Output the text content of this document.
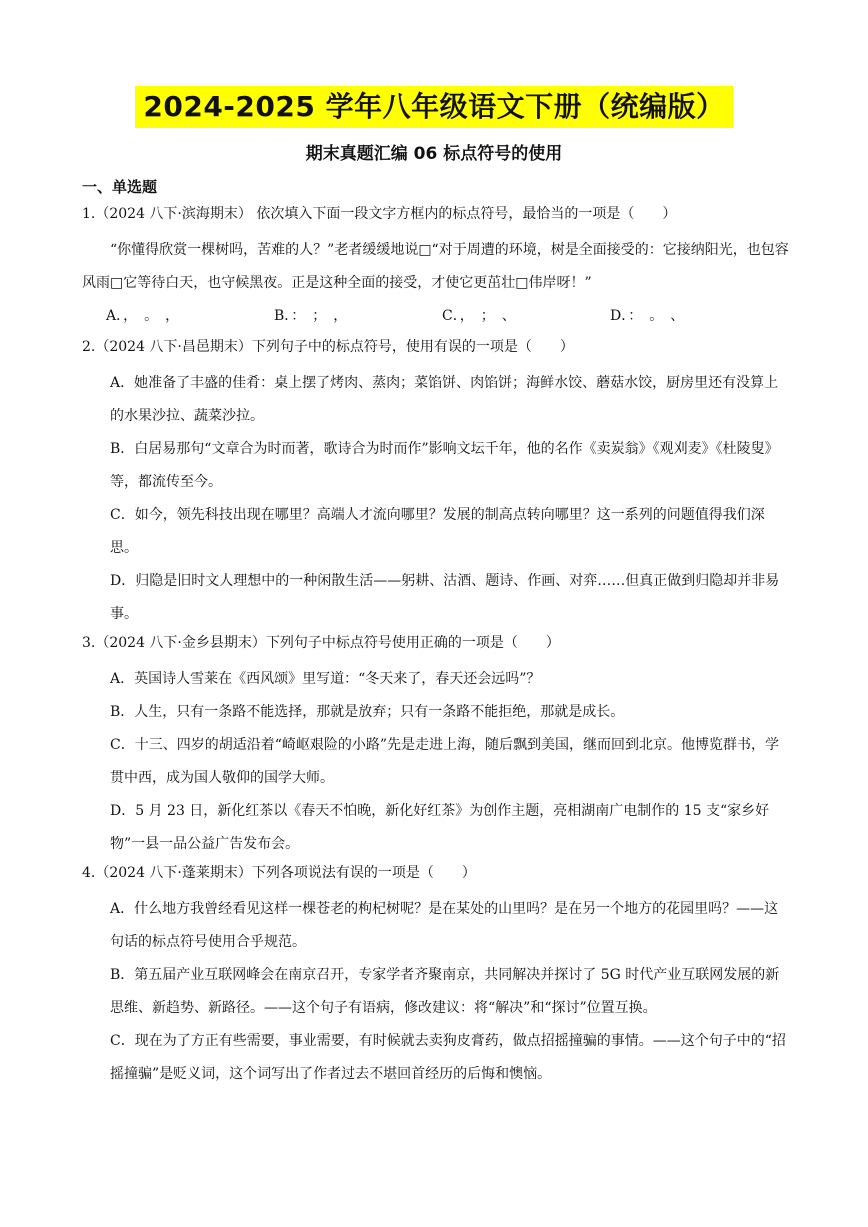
2024-2025 学年八年级语文下册（统编版）
期末真题汇编 06 标点符号的使用
一、单选题

1.（2024 八下·滨海期末） 依次填入下面一段文字方框内的标点符号，最恰当的一项是（　　）

“你懂得欣赏一棵树吗，苦难的人？”老者缓缓地说□“对于周遭的环境，树是全面接受的：它接纳阳光，也包容风雨□它等待白天，也守候黑夜。正是这种全面的接受，才使它更茁壮□伟岸呀！”

A．，　。　，	B．：　；　，	C．，　；　、	D．：　。　、

2.（2024 八下·昌邑期末）下列句子中的标点符号，使用有误的一项是（　　）

A．她准备了丰盛的佳肴：桌上摆了烤肉、蒸肉；菜馅饼、肉馅饼；海鲜水饺、蘑菇水饺，厨房里还有没算上的水果沙拉、蔬菜沙拉。

B．白居易那句“文章合为时而著，歌诗合为时而作”影响文坛千年，他的名作《卖炭翁》《观刈麦》《杜陵叟》等，都流传至今。

C．如今，领先科技出现在哪里？高端人才流向哪里？发展的制高点转向哪里？这一系列的问题值得我们深思。

D．归隐是旧时文人理想中的一种闲散生活——躬耕、沽酒、题诗、作画、对弈……但真正做到归隐却并非易事。

3.（2024 八下·金乡县期末）下列句子中标点符号使用正确的一项是（　　）

A．英国诗人雪莱在《西风颂》里写道：“冬天来了，春天还会远吗”？

B．人生，只有一条路不能选择，那就是放弃；只有一条路不能拒绝，那就是成长。

C．十三、四岁的胡适沿着“崎岖艰险的小路”先是走进上海，随后飘到美国，继而回到北京。他博览群书，学贯中西，成为国人敬仰的国学大师。

D．5 月 23 日，新化红茶以《春天不怕晚，新化好红茶》为创作主题，亮相湖南广电制作的 15 支“家乡好物”一县一品公益广告发布会。

4.（2024 八下·蓬莱期末）下列各项说法有误的一项是（　　）

A．什么地方我曾经看见这样一棵苍老的枸杞树呢？是在某处的山里吗？是在另一个地方的花园里吗？——这句话的标点符号使用合乎规范。

B．第五届产业互联网峰会在南京召开，专家学者齐聚南京，共同解决并探讨了 5G 时代产业互联网发展的新思维、新趋势、新路径。——这个句子有语病，修改建议：将“解决”和“探讨”位置互换。

C．现在为了方正有些需要，事业需要，有时候就去卖狗皮膏药，做点招摇撞骗的事情。——这个句子中的“招摇撞骗”是贬义词，这个词写出了作者过去不堪回首经历的后悔和懊恼。
